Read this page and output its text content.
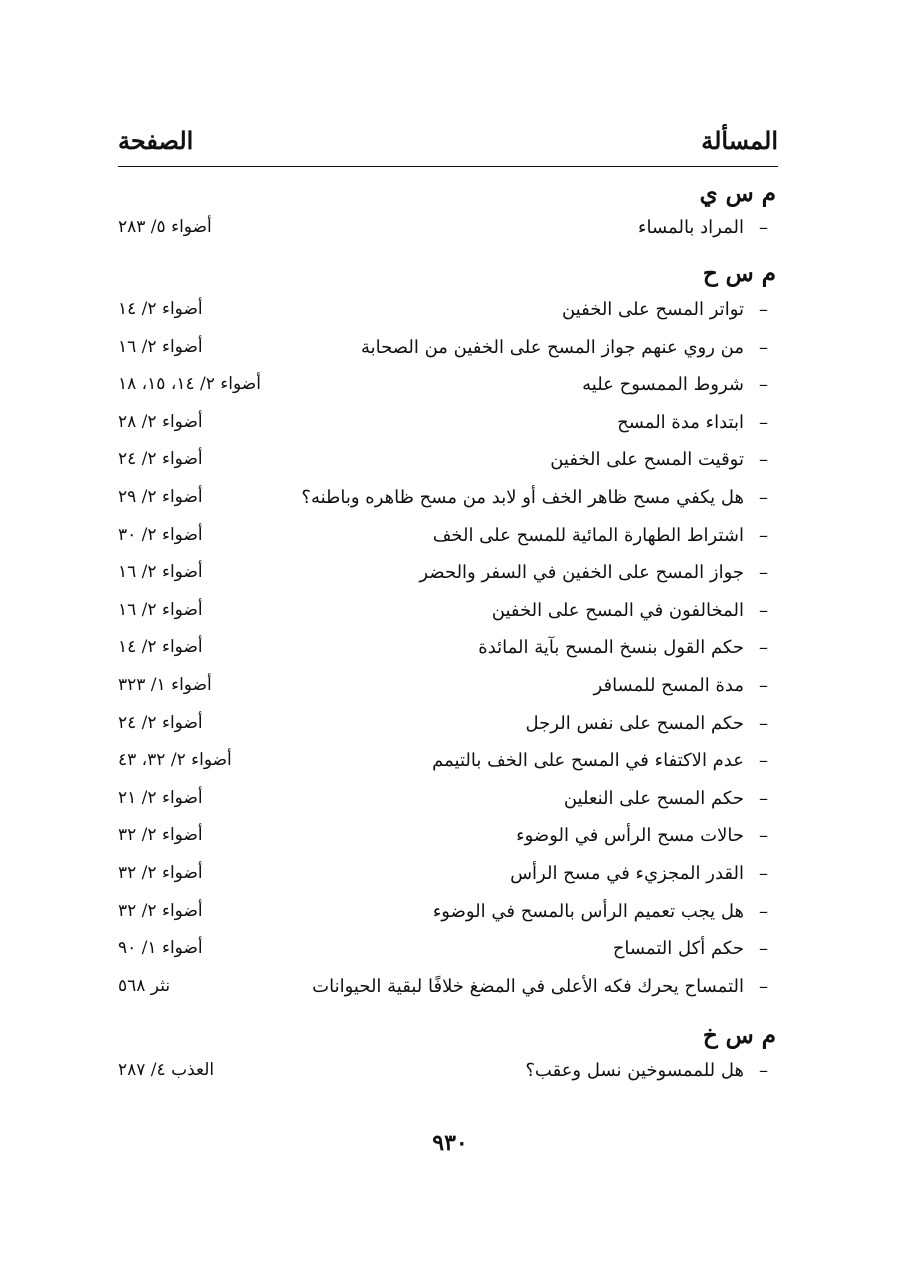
المسألة
الصفحة
م س ي
–
المراد بالمساء
أضواء ٥/ ٢٨٣
م س ح
–
تواتر المسح على الخفين
أضواء ٢/ ١٤
–
من روي عنهم جواز المسح على الخفين من الصحابة
أضواء ٢/ ١٦
–
شروط الممسوح عليه
أضواء ٢/ ١٤، ١٥، ١٨
–
ابتداء مدة المسح
أضواء ٢/ ٢٨
–
توقيت المسح على الخفين
أضواء ٢/ ٢٤
–
هل يكفي مسح ظاهر الخف أو لابد من مسح ظاهره وباطنه؟
أضواء ٢/ ٢٩
–
اشتراط الطهارة المائية للمسح على الخف
أضواء ٢/ ٣٠
–
جواز المسح على الخفين في السفر والحضر
أضواء ٢/ ١٦
–
المخالفون في المسح على الخفين
أضواء ٢/ ١٦
–
حكم القول بنسخ المسح بآية المائدة
أضواء ٢/ ١٤
–
مدة المسح للمسافر
أضواء ١/ ٣٢٣
–
حكم المسح على نفس الرجل
أضواء ٢/ ٢٤
–
عدم الاكتفاء في المسح على الخف بالتيمم
أضواء ٢/ ٣٢، ٤٣
–
حكم المسح على النعلين
أضواء ٢/ ٢١
–
حالات مسح الرأس في الوضوء
أضواء ٢/ ٣٢
–
القدر المجزيء في مسح الرأس
أضواء ٢/ ٣٢
–
هل يجب تعميم الرأس بالمسح في الوضوء
أضواء ٢/ ٣٢
–
حكم أكل التمساح
أضواء ١/ ٩٠
–
التمساح يحرك فكه الأعلى في المضغ خلافًا لبقية الحيوانات
نثر ٥٦٨
م س خ
–
هل للممسوخين نسل وعقب؟
العذب ٤/ ٢٨٧
٩٣٠
